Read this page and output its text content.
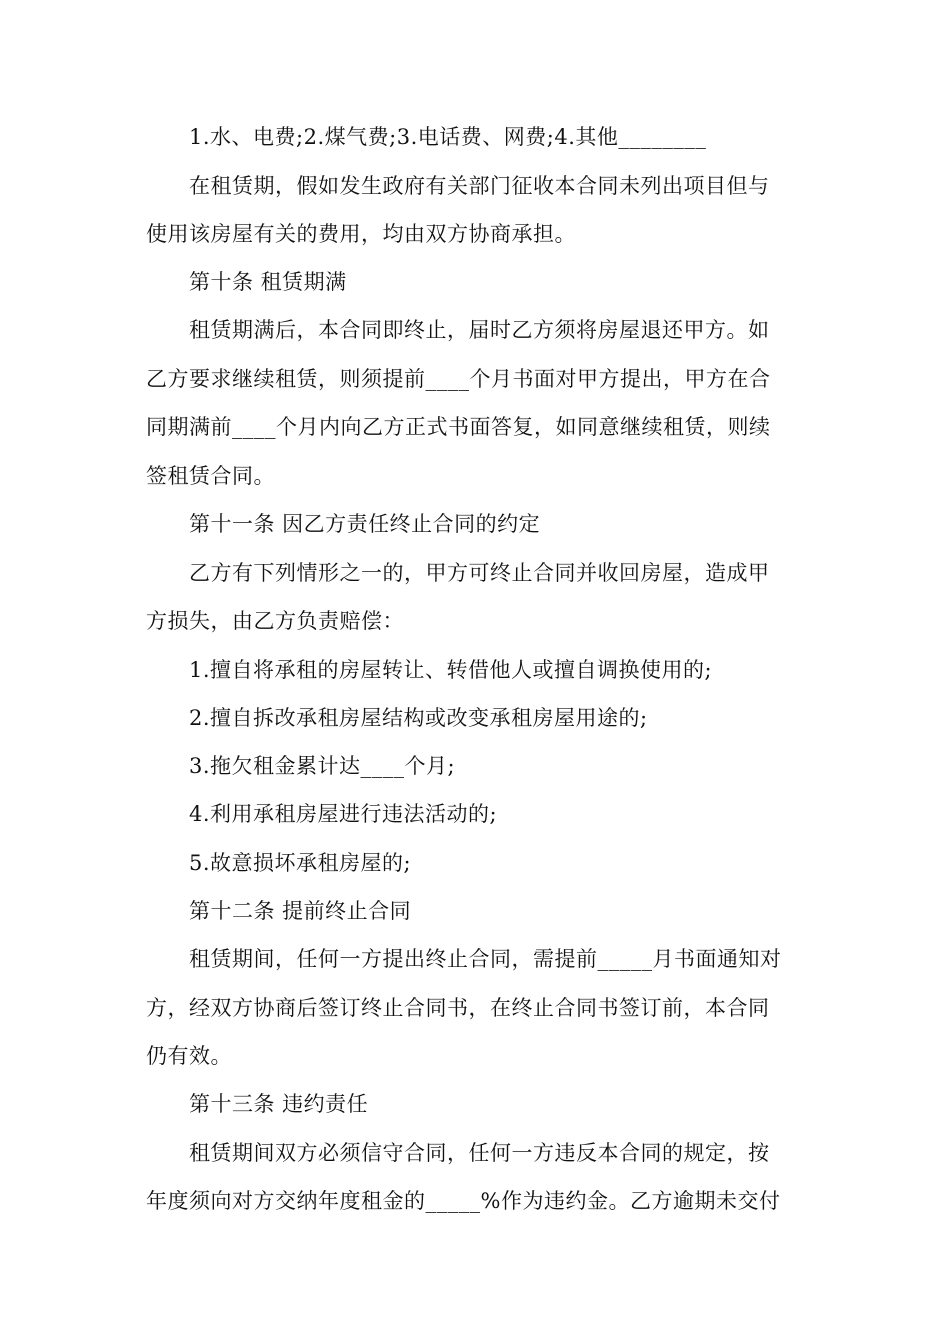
1.水、电费;2.煤气费;3.电话费、网费;4.其他________
在租赁期，假如发生政府有关部门征收本合同未列出项目但与
使用该房屋有关的费用，均由双方协商承担。
第十条 租赁期满
租赁期满后，本合同即终止，届时乙方须将房屋退还甲方。如
乙方要求继续租赁，则须提前____个月书面对甲方提出，甲方在合
同期满前____个月内向乙方正式书面答复，如同意继续租赁，则续
签租赁合同。
第十一条 因乙方责任终止合同的约定
乙方有下列情形之一的，甲方可终止合同并收回房屋，造成甲
方损失，由乙方负责赔偿：
1.擅自将承租的房屋转让、转借他人或擅自调换使用的;
2.擅自拆改承租房屋结构或改变承租房屋用途的;
3.拖欠租金累计达____个月;
4.利用承租房屋进行违法活动的;
5.故意损坏承租房屋的;
第十二条 提前终止合同
租赁期间，任何一方提出终止合同，需提前_____月书面通知对
方，经双方协商后签订终止合同书，在终止合同书签订前，本合同
仍有效。
第十三条 违约责任
租赁期间双方必须信守合同，任何一方违反本合同的规定，按
年度须向对方交纳年度租金的_____%作为违约金。乙方逾期未交付
